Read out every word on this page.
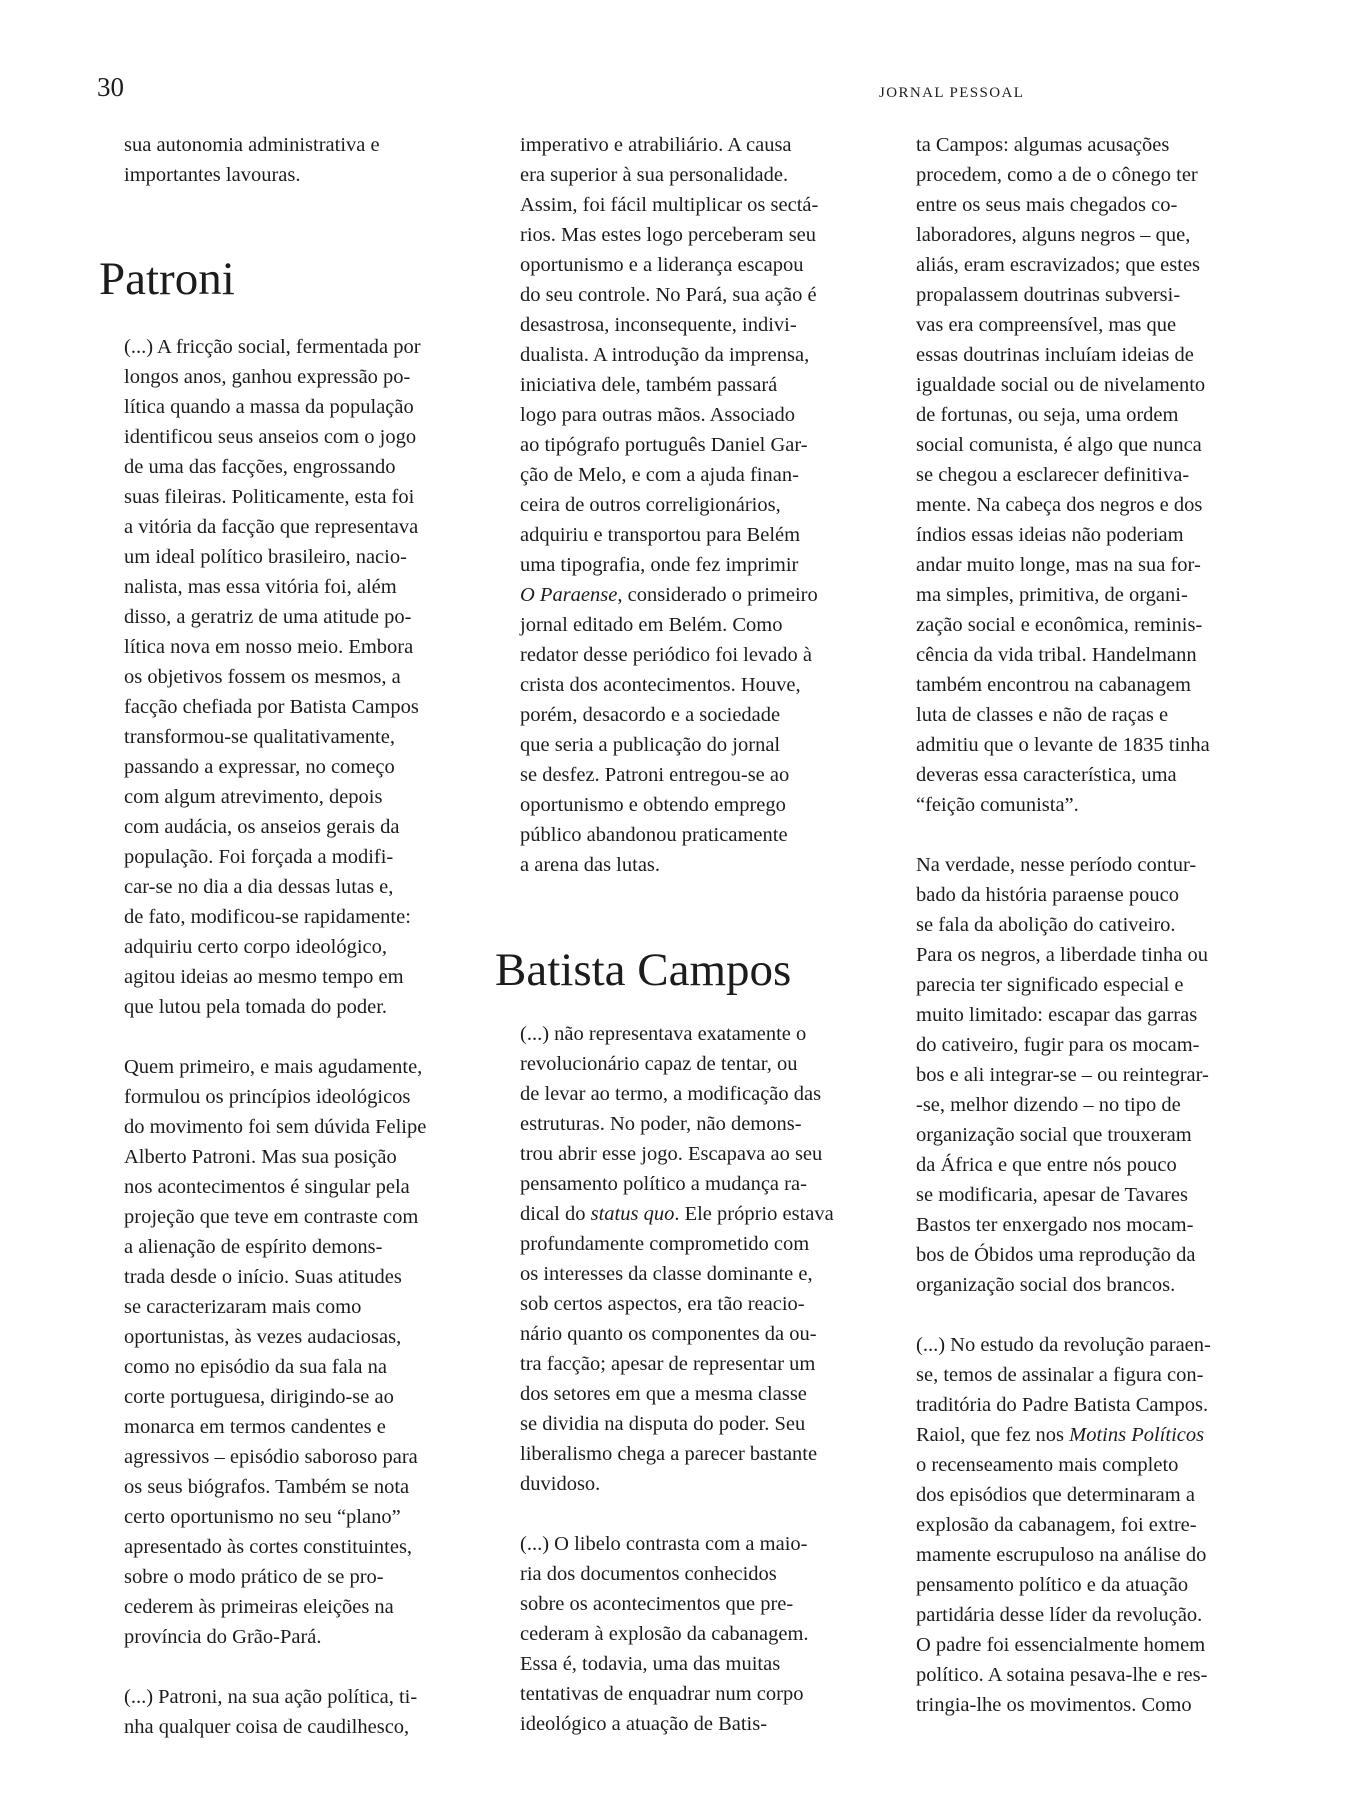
30	JORNAL PESSOAL

sua autonomia administrativa e
importantes lavouras.

Patroni

(...) A fricção social, fermentada por
longos anos, ganhou expressão po-
lítica quando a massa da população
identificou seus anseios com o jogo
de uma das facções, engrossando
suas fileiras. Politicamente, esta foi
a vitória da facção que representava
um ideal político brasileiro, nacio-
nalista, mas essa vitória foi, além
disso, a geratriz de uma atitude po-
lítica nova em nosso meio. Embora
os objetivos fossem os mesmos, a
facção chefiada por Batista Campos
transformou-se qualitativamente,
passando a expressar, no começo
com algum atrevimento, depois
com audácia, os anseios gerais da
população. Foi forçada a modifi-
car-se no dia a dia dessas lutas e,
de fato, modificou-se rapidamente:
adquiriu certo corpo ideológico,
agitou ideias ao mesmo tempo em
que lutou pela tomada do poder.

Quem primeiro, e mais agudamente,
formulou os princípios ideológicos
do movimento foi sem dúvida Felipe
Alberto Patroni. Mas sua posição
nos acontecimentos é singular pela
projeção que teve em contraste com
a alienação de espírito demons-
trada desde o início. Suas atitudes
se caracterizaram mais como
oportunistas, às vezes audaciosas,
como no episódio da sua fala na
corte portuguesa, dirigindo-se ao
monarca em termos candentes e
agressivos – episódio saboroso para
os seus biógrafos. Também se nota
certo oportunismo no seu “plano”
apresentado às cortes constituintes,
sobre o modo prático de se pro-
cederem às primeiras eleições na
província do Grão-Pará.

(...) Patroni, na sua ação política, ti-
nha qualquer coisa de caudilhesco,

imperativo e atrabiliário. A causa
era superior à sua personalidade.
Assim, foi fácil multiplicar os sectá-
rios. Mas estes logo perceberam seu
oportunismo e a liderança escapou
do seu controle. No Pará, sua ação é
desastrosa, inconsequente, indivi-
dualista. A introdução da imprensa,
iniciativa dele, também passará
logo para outras mãos. Associado
ao tipógrafo português Daniel Gar-
ção de Melo, e com a ajuda finan-
ceira de outros correligionários,
adquiriu e transportou para Belém
uma tipografia, onde fez imprimir
O Paraense, considerado o primeiro
jornal editado em Belém. Como
redator desse periódico foi levado à
crista dos acontecimentos. Houve,
porém, desacordo e a sociedade
que seria a publicação do jornal
se desfez. Patroni entregou-se ao
oportunismo e obtendo emprego
público abandonou praticamente
a arena das lutas.

Batista Campos

(...) não representava exatamente o
revolucionário capaz de tentar, ou
de levar ao termo, a modificação das
estruturas. No poder, não demons-
trou abrir esse jogo. Escapava ao seu
pensamento político a mudança ra-
dical do status quo. Ele próprio estava
profundamente comprometido com
os interesses da classe dominante e,
sob certos aspectos, era tão reacio-
nário quanto os componentes da ou-
tra facção; apesar de representar um
dos setores em que a mesma classe
se dividia na disputa do poder. Seu
liberalismo chega a parecer bastante
duvidoso.

(...) O libelo contrasta com a maio-
ria dos documentos conhecidos
sobre os acontecimentos que pre-
cederam à explosão da cabanagem.
Essa é, todavia, uma das muitas
tentativas de enquadrar num corpo
ideológico a atuação de Batis-

ta Campos: algumas acusações
procedem, como a de o cônego ter
entre os seus mais chegados co-
laboradores, alguns negros – que,
aliás, eram escravizados; que estes
propalassem doutrinas subversi-
vas era compreensível, mas que
essas doutrinas incluíam ideias de
igualdade social ou de nivelamento
de fortunas, ou seja, uma ordem
social comunista, é algo que nunca
se chegou a esclarecer definitiva-
mente. Na cabeça dos negros e dos
índios essas ideias não poderiam
andar muito longe, mas na sua for-
ma simples, primitiva, de organi-
zação social e econômica, reminis-
cência da vida tribal. Handelmann
também encontrou na cabanagem
luta de classes e não de raças e
admitiu que o levante de 1835 tinha
deveras essa característica, uma
“feição comunista”.

Na verdade, nesse período contur-
bado da história paraense pouco
se fala da abolição do cativeiro.
Para os negros, a liberdade tinha ou
parecia ter significado especial e
muito limitado: escapar das garras
do cativeiro, fugir para os mocam-
bos e ali integrar-se – ou reintegrar-
-se, melhor dizendo – no tipo de
organização social que trouxeram
da África e que entre nós pouco
se modificaria, apesar de Tavares
Bastos ter enxergado nos mocam-
bos de Óbidos uma reprodução da
organização social dos brancos.

(...) No estudo da revolução paraen-
se, temos de assinalar a figura con-
traditória do Padre Batista Campos.
Raiol, que fez nos Motins Políticos
o recenseamento mais completo
dos episódios que determinaram a
explosão da cabanagem, foi extre-
mamente escrupuloso na análise do
pensamento político e da atuação
partidária desse líder da revolução.
O padre foi essencialmente homem
político. A sotaina pesava-lhe e res-
tringia-lhe os movimentos. Como
